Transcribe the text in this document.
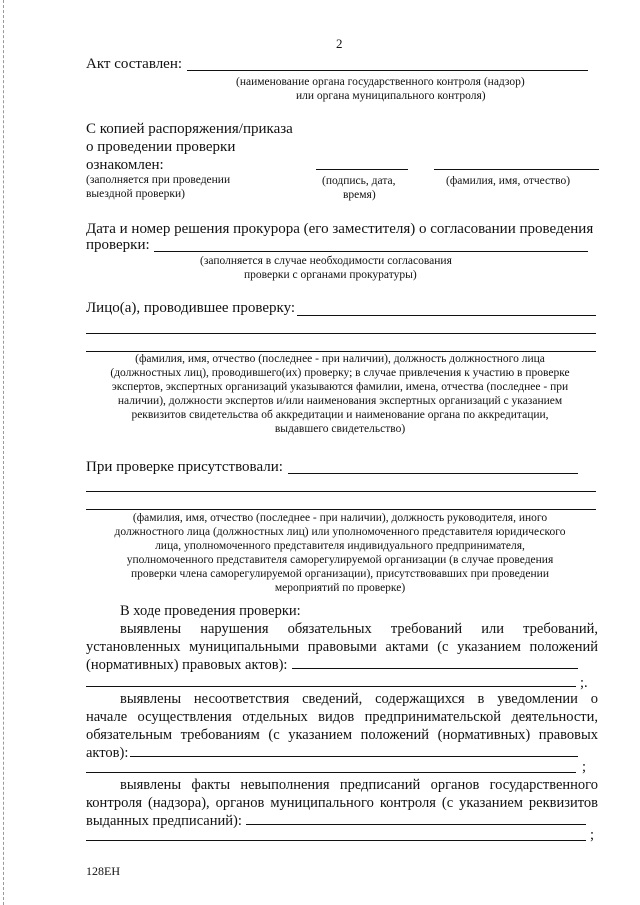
2
Акт составлен:
(наименование органа государственного контроля (надзор)
или органа муниципального контроля)
С копией распоряжения/приказа
о проведении проверки
ознакомлен:
(заполняется при проведении
выездной проверки)
(подпись, дата,
время)
(фамилия, имя, отчество)
Дата и номер решения прокурора (его заместителя) о согласовании проведения
проверки:
(заполняется в случае необходимости согласования
проверки с органами прокуратуры)
Лицо(а), проводившее проверку:
(фамилия, имя, отчество (последнее - при наличии), должность должностного лица
(должностных лиц), проводившего(их) проверку; в случае привлечения к участию в проверке
экспертов, экспертных организаций указываются фамилии, имена, отчества (последнее - при
наличии), должности экспертов и/или наименования экспертных организаций с указанием
реквизитов свидетельства об аккредитации и наименование органа по аккредитации,
выдавшего свидетельство)
При проверке присутствовали:
(фамилия, имя, отчество (последнее - при наличии), должность руководителя, иного
должностного лица (должностных лиц) или уполномоченного представителя юридического
лица, уполномоченного представителя индивидуального предпринимателя,
уполномоченного представителя саморегулируемой организации (в случае проведения
проверки члена саморегулируемой организации), присутствовавших при проведении
мероприятий по проверке)
В ходе проведения проверки:
выявлены нарушения обязательных требований или требований,
установленных муниципальными правовыми актами (с указанием положений
(нормативных) правовых актов):
;.
выявлены несоответствия сведений, содержащихся в уведомлении о
начале осуществления отдельных видов предпринимательской деятельности,
обязательным требованиям (с указанием положений (нормативных) правовых
актов):
;
выявлены факты невыполнения предписаний органов государственного
контроля (надзора), органов муниципального контроля (с указанием реквизитов
выданных предписаний):
;
128ЕН
